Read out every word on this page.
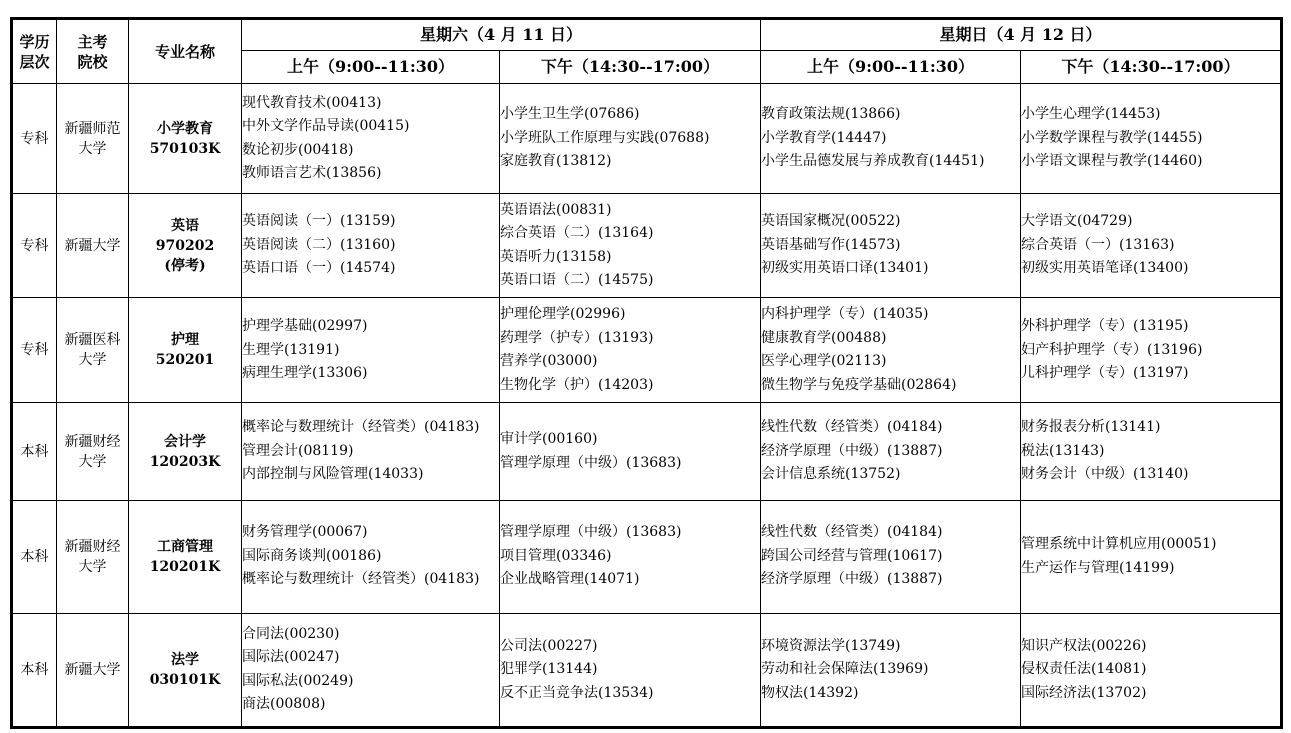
学历
层次	主考
院校	专业名称	星期六（4 月 11 日）		星期日（4 月 12 日）	
			上午（9:00--11:30）	下午（14:30--17:00）	上午（9:00--11:30）	下午（14:30--17:00）
专科	新疆师范
大学	小学教育
570103K	现代教育技术(00413)
中外文学作品导读(00415)
数论初步(00418)
教师语言艺术(13856)	小学生卫生学(07686)
小学班队工作原理与实践(07688)
家庭教育(13812)	教育政策法规(13866)
小学教育学(14447)
小学生品德发展与养成教育(14451)	小学生心理学(14453)
小学数学课程与教学(14455)
小学语文课程与教学(14460)

专科	新疆大学	英语
970202
(停考)	英语阅读（一）(13159)
英语阅读（二）(13160)
英语口语（一）(14574)	英语语法(00831)
综合英语（二）(13164)
英语听力(13158)
英语口语（二）(14575)	英语国家概况(00522)
英语基础写作(14573)
初级实用英语口译(13401)	大学语文(04729)
综合英语（一）(13163)
初级实用英语笔译(13400)

专科	新疆医科
大学	护理
520201	护理学基础(02997)
生理学(13191)
病理生理学(13306)	护理伦理学(02996)
药理学（护专）(13193)
营养学(03000)
生物化学（护）(14203)	内科护理学（专）(14035)
健康教育学(00488)
医学心理学(02113)
微生物学与免疫学基础(02864)	外科护理学（专）(13195)
妇产科护理学（专）(13196)
儿科护理学（专）(13197)

本科	新疆财经
大学	会计学
120203K	概率论与数理统计（经管类）(04183)
管理会计(08119)
内部控制与风险管理(14033)	审计学(00160)
管理学原理（中级）(13683)	线性代数（经管类）(04184)
经济学原理（中级）(13887)
会计信息系统(13752)	财务报表分析(13141)
税法(13143)
财务会计（中级）(13140)

本科	新疆财经
大学	工商管理
120201K	财务管理学(00067)
国际商务谈判(00186)
概率论与数理统计（经管类）(04183)	管理学原理（中级）(13683)
项目管理(03346)
企业战略管理(14071)	线性代数（经管类）(04184)
跨国公司经营与管理(10617)
经济学原理（中级）(13887)	管理系统中计算机应用(00051)
生产运作与管理(14199)

本科	新疆大学	法学
030101K	合同法(00230)
国际法(00247)
国际私法(00249)
商法(00808)	公司法(00227)
犯罪学(13144)
反不正当竞争法(13534)	环境资源法学(13749)
劳动和社会保障法(13969)
物权法(14392)	知识产权法(00226)
侵权责任法(14081)
国际经济法(13702)
